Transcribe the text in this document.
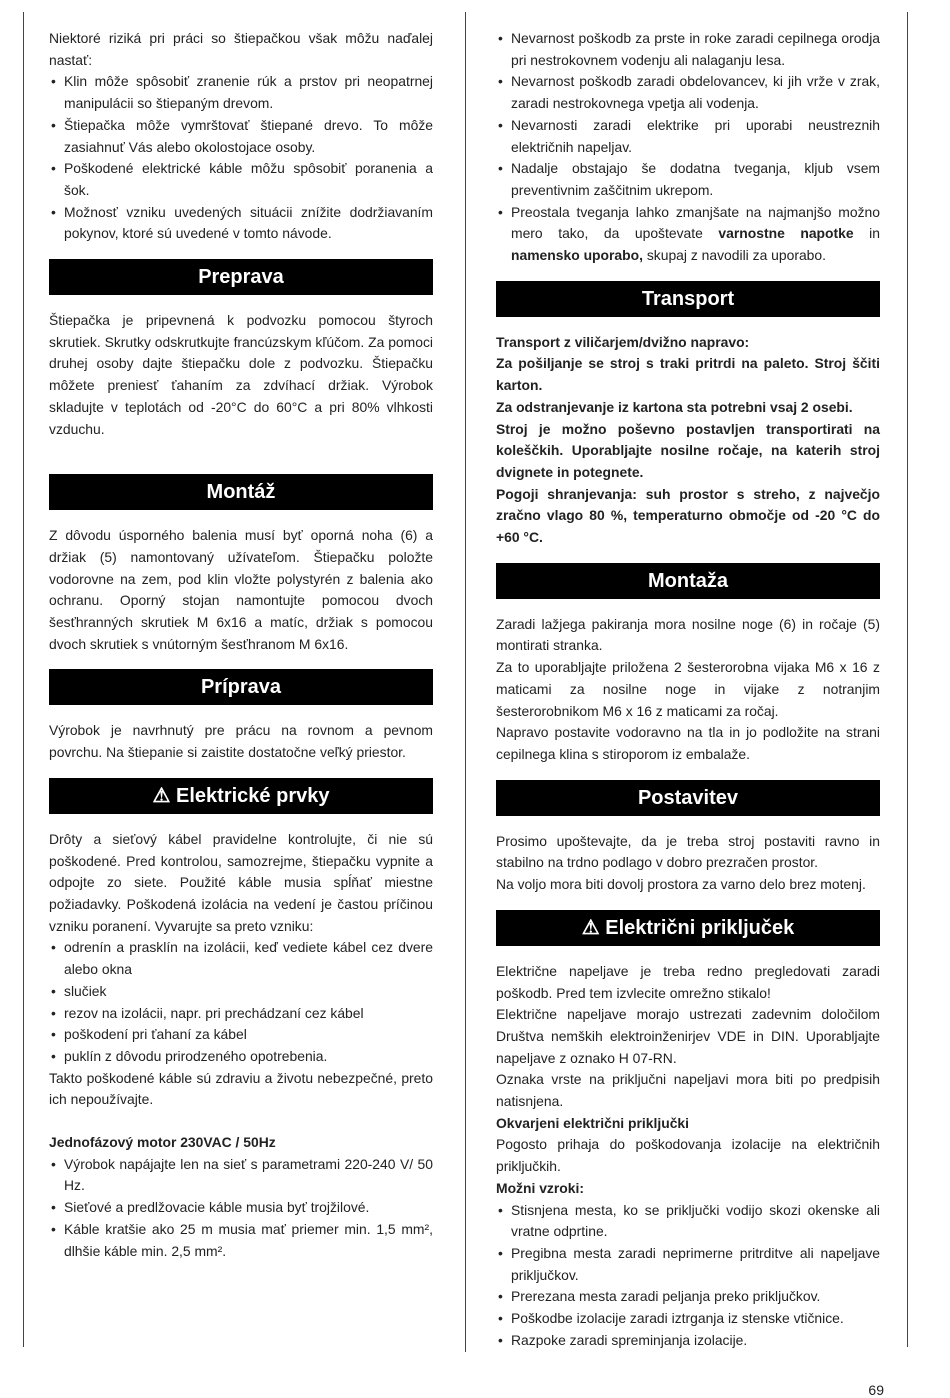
Niektoré riziká pri práci so štiepačkou však môžu naďalej nastať:

• Klin môže spôsobiť zranenie rúk a prstov pri neopatrnej manipulácii so štiepaným drevom.
• Štiepačka môže vymrštovať štiepané drevo. To môže zasiahnuť Vás alebo okolostojace osoby.
• Poškodené elektrické káble môžu spôsobiť poranenia a šok.
• Možnosť vzniku uvedených situácii znížite dodržiavaním pokynov, ktoré sú uvedené v tomto návode.
Preprava

Štiepačka je pripevnená k podvozku pomocou štyroch skrutiek. Skrutky odskrutkujte francúzskym kľúčom. Za pomoci druhej osoby dajte štiepačku dole z podvozku. Štiepačku môžete preniesť ťahaním za zdvíhací držiak. Výrobok skladujte v teplotách od -20°C do 60°C a pri 80% vlhkosti vzduchu.

Montáž

Z dôvodu úsporného balenia musí byť oporná noha (6) a držiak (5) namontovaný užívateľom. Štiepačku položte vodorovne na zem, pod klin vložte polystyrén z balenia ako ochranu. Oporný stojan namontujte pomocou dvoch šesťhranných skrutiek M 6x16 a matíc, držiak s pomocou dvoch skrutiek s vnútorným šesťhranom M 6x16.

Príprava

Výrobok je navrhnutý pre prácu na rovnom a pevnom povrchu. Na štiepanie si zaistite dostatočne veľký priestor.

⚠ Elektrické prvky

Drôty a sieťový kábel pravidelne kontrolujte, či nie sú poškodené. Pred kontrolou, samozrejme, štiepačku vypnite a odpojte zo siete. Použité káble musia spĺňať miestne požiadavky. Poškodená izolácia na vedení je častou príčinou vzniku poranení. Vyvarujte sa preto vzniku:

• odrenín a prasklín na izolácii, keď vediete kábel cez dvere alebo okna
• slučiek
• rezov na izolácii, napr. pri prechádzaní cez kábel
• poškodení pri ťahaní za kábel
• puklín z dôvodu prirodzeného opotrebenia.

Takto poškodené káble sú zdraviu a životu nebezpečné, preto ich nepoužívajte.

Jednofázový motor 230VAC / 50Hz

• Výrobok napájajte len na sieť s parametrami 220-240 V/ 50 Hz.
• Sieťové a predlžovacie káble musia byť trojžilové.
• Káble kratšie ako 25 m musia mať priemer min. 1,5 mm², dlhšie káble min. 2,5 mm².
• Nevarnost poškodb za prste in roke zaradi cepilnega orodja pri nestrokovnem vodenju ali nalaganju lesa.
• Nevarnost poškodb zaradi obdelovancev, ki jih vrže v zrak, zaradi nestrokovnega vpetja ali vodenja.
• Nevarnosti zaradi elektrike pri uporabi neustreznih električnih napeljav.
• Nadalje obstajajo še dodatna tveganja, kljub vsem preventivnim zaščitnim ukrepom.
• Preostala tveganja lahko zmanjšate na najmanjšo možno mero tako, da upoštevate varnostne napotke in namensko uporabo, skupaj z navodili za uporabo.
Transport

Transport z viličarjem/dvižno napravo:

Za pošiljanje se stroj s traki pritrdi na paleto. Stroj ščiti karton.

Za odstranjevanje iz kartona sta potrebni vsaj 2 osebi.

Stroj je možno poševno postavljen transportirati na koleščkih. Uporabljajte nosilne ročaje, na katerih stroj dvignete in potegnete.

Pogoji shranjevanja: suh prostor s streho, z največjo zračno vlago 80 %, temperaturno območje od -20 °C do +60 °C.

Montaža

Zaradi lažjega pakiranja mora nosilne noge (6) in ročaje (5) montirati stranka.

Za to uporabljajte priložena 2 šesterorobna vijaka M6 x 16 z maticami za nosilne noge in vijake z notranjim šesterorobnikom M6 x 16 z maticami za ročaj.

Napravo postavite vodoravno na tla in jo podložite na strani cepilnega klina s stiroporom iz embalaže.

Postavitev

Prosimo upoštevajte, da je treba stroj postaviti ravno in stabilno na trdno podlago v dobro prezračen prostor.

Na voljo mora biti dovolj prostora za varno delo brez motenj.

⚠ Električni priključek

Električne napeljave je treba redno pregledovati zaradi poškodb. Pred tem izvlecite omrežno stikalo!

Električne napeljave morajo ustrezati zadevnim določilom Društva nemških elektroinženirjev VDE in DIN. Uporabljajte napeljave z oznako H 07-RN.

Oznaka vrste na priključni napeljavi mora biti po predpisih natisnjena.

Okvarjeni električni priključki

Pogosto prihaja do poškodovanja izolacije na električnih priključkih.

Možni vzroki:

• Stisnjena mesta, ko se priključki vodijo skozi okenske ali vratne odprtine.
• Pregibna mesta zaradi neprimerne pritrditve ali napeljave priključkov.
• Prerezana mesta zaradi peljanja preko priključkov.
• Poškodbe izolacije zaradi iztrganja iz stenske vtičnice.
• Razpoke zaradi spreminjanja izolacije.
69
